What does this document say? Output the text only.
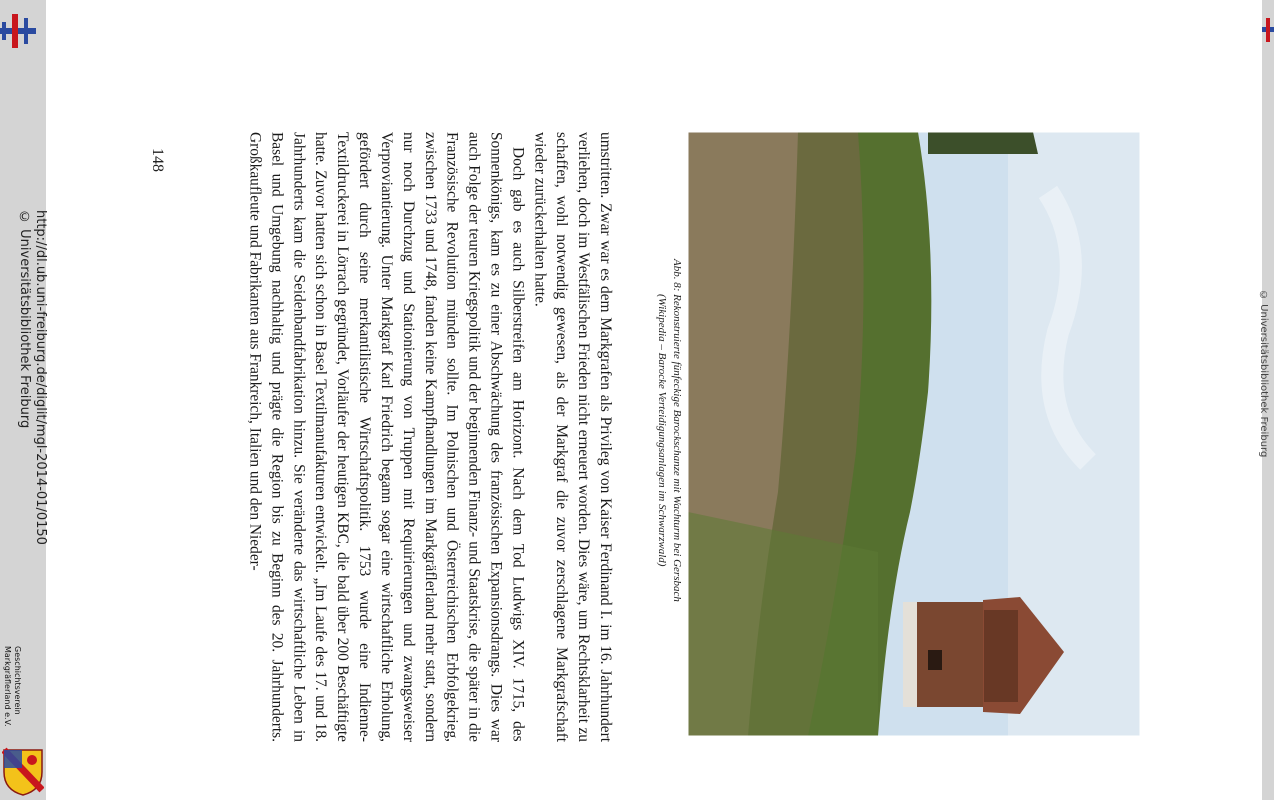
http://dl.ub.uni-freiburg.de/diglit/mgl-2014-01/0150
© Universitätsbibliothek Freiburg
Geschichtsverein
Markgräflerland e.V.
148	umstritten. Zwar war es dem Markgrafen als Privileg von Kaiser Ferdinand I. im 16. Jahrhundert verliehen, doch im Westfälischen Frieden nicht erneuert worden. Dies wäre, um Rechtsklarheit zu schaffen, wohl notwendig gewesen, als der Markgraf die zuvor zerschlagene Markgrafschaft wieder zurückerhalten hatte.

Doch gab es auch Silberstreifen am Horizont. Nach dem Tod Ludwigs XIV. 1715, des Sonnenkönigs, kam es zu einer Abschwächung des französischen Expansionsdrangs. Dies war auch Folge der teuren Kriegspolitik und der beginnenden Finanz- und Staatskrise, die später in die Französische Revolution münden sollte. Im Polnischen und Österreichischen Erbfolgekrieg, zwischen 1733 und 1748, fanden keine Kampfhandlungen im Markgräflerland mehr statt, sondern nur noch Durchzug und Stationierung von Truppen mit Requirierungen und zwangsweiser Verproviantierung. Unter Markgraf Karl Friedrich begann sogar eine wirtschaftliche Erholung, gefördert durch seine merkantilistische Wirtschaftspolitik. 1753 wurde eine Indienne-Textildruckerei in Lörrach gegründet, Vorläufer der heutigen KBC, die bald über 200 Beschäftigte hatte. Zuvor hatten sich schon in Basel Textilmanufakturen entwickelt. „Im Laufe des 17. und 18. Jahrhunderts kam die Seidenbandfabrikation hinzu. Sie veränderte das wirtschaftliche Leben in Basel und Umgebung nachhaltig und prägte die Region bis zu Beginn des 20. Jahrhunderts. Großkaufleute und Fabrikanten aus Frankreich, Italien und den Nieder-	Abb. 8: Rekonstruierte fünfeckige Barockschanze mit Wachturm bei Gersbach
(Wikipedia – Barocke Verteidigungsanlagen im Schwarzwald)	© Universitätsbibliothek Freiburg
